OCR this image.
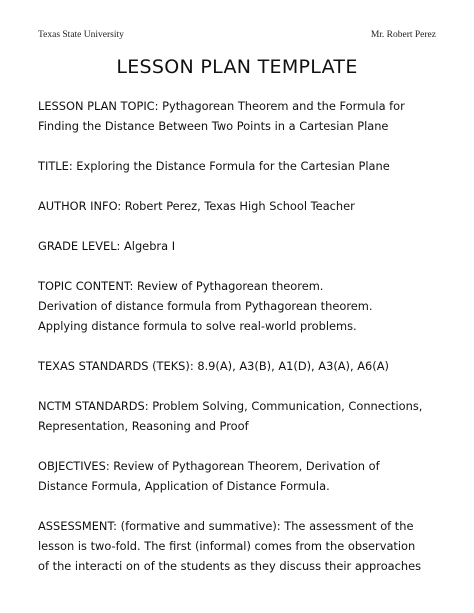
Texas State University	Mr. Robert Perez
LESSON PLAN TEMPLATE

LESSON PLAN TOPIC: Pythagorean Theorem and the Formula for
Finding the Distance Between Two Points in a Cartesian Plane

TITLE: Exploring the Distance Formula for the Cartesian Plane

AUTHOR INFO: Robert Perez, Texas High School Teacher

GRADE LEVEL: Algebra I

TOPIC CONTENT: Review of Pythagorean theorem.
Derivation of distance formula from Pythagorean theorem.
Applying distance formula to solve real-world problems.

TEXAS STANDARDS (TEKS): 8.9(A), A3(B), A1(D), A3(A), A6(A)

NCTM STANDARDS: Problem Solving, Communication, Connections,
Representation, Reasoning and Proof

OBJECTIVES: Review of Pythagorean Theorem, Derivation of
Distance Formula, Application of Distance Formula.

ASSESSMENT: (formative and summative): The assessment of the
lesson is two-fold. The first (informal) comes from the observation
of the interacti on of the students as they discuss their approaches
